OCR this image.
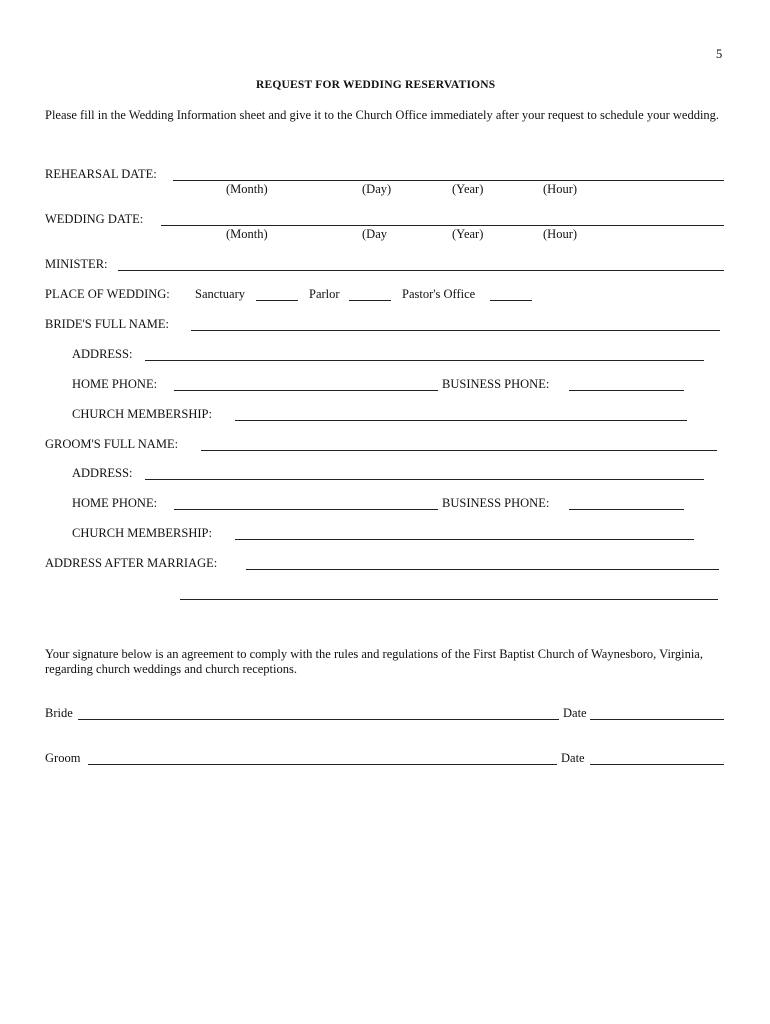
5
REQUEST FOR WEDDING RESERVATIONS
Please fill in the Wedding Information sheet and give it to the Church Office immediately after your request to schedule your wedding.
REHEARSAL DATE:
(Month)	(Day)	(Year)	(Hour)
WEDDING DATE:
(Month)	(Day	(Year)	(Hour)
MINISTER:
PLACE OF WEDDING: Sanctuary	Parlor	Pastor's Office
BRIDE'S FULL NAME:
ADDRESS:
HOME PHONE:	BUSINESS PHONE:
CHURCH MEMBERSHIP:
GROOM'S FULL NAME:
ADDRESS:
HOME PHONE:	BUSINESS PHONE:
CHURCH MEMBERSHIP:
ADDRESS AFTER MARRIAGE:
Your signature below is an agreement to comply with the rules and regulations of the First Baptist Church of Waynesboro, Virginia, regarding church weddings and church receptions.
Bride	Date
Groom	Date
